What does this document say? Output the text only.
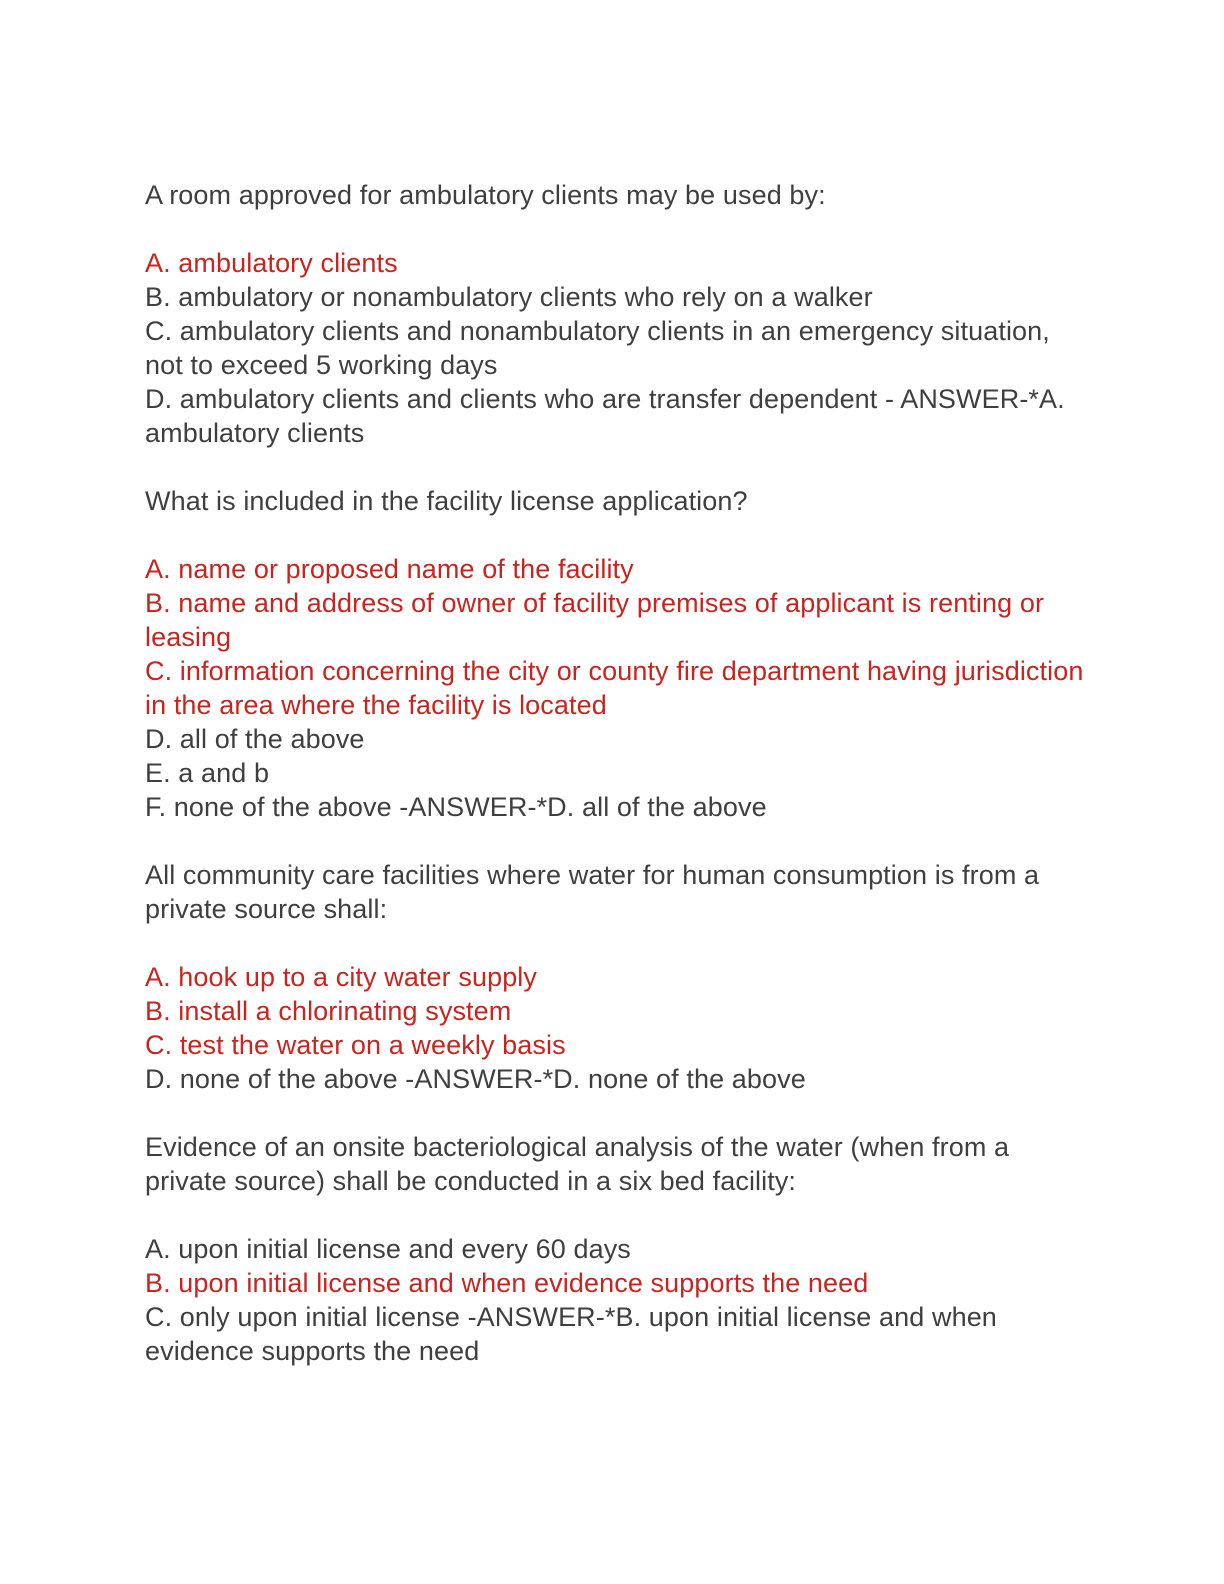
A room approved for ambulatory clients may be used by:
A. ambulatory clients
B. ambulatory or nonambulatory clients who rely on a walker
C. ambulatory clients and nonambulatory clients in an emergency situation, not to exceed 5 working days
D. ambulatory clients and clients who are transfer dependent - ANSWER-*A. ambulatory clients
What is included in the facility license application?
A. name or proposed name of the facility
B. name and address of owner of facility premises of applicant is renting or leasing
C. information concerning the city or county fire department having jurisdiction in the area where the facility is located
D. all of the above
E. a and b
F. none of the above -ANSWER-*D. all of the above
All community care facilities where water for human consumption is from a private source shall:
A. hook up to a city water supply
B. install a chlorinating system
C. test the water on a weekly basis
D. none of the above -ANSWER-*D. none of the above
Evidence of an onsite bacteriological analysis of the water (when from a private source) shall be conducted in a six bed facility:
A. upon initial license and every 60 days
B. upon initial license and when evidence supports the need
C. only upon initial license -ANSWER-*B. upon initial license and when evidence supports the need
